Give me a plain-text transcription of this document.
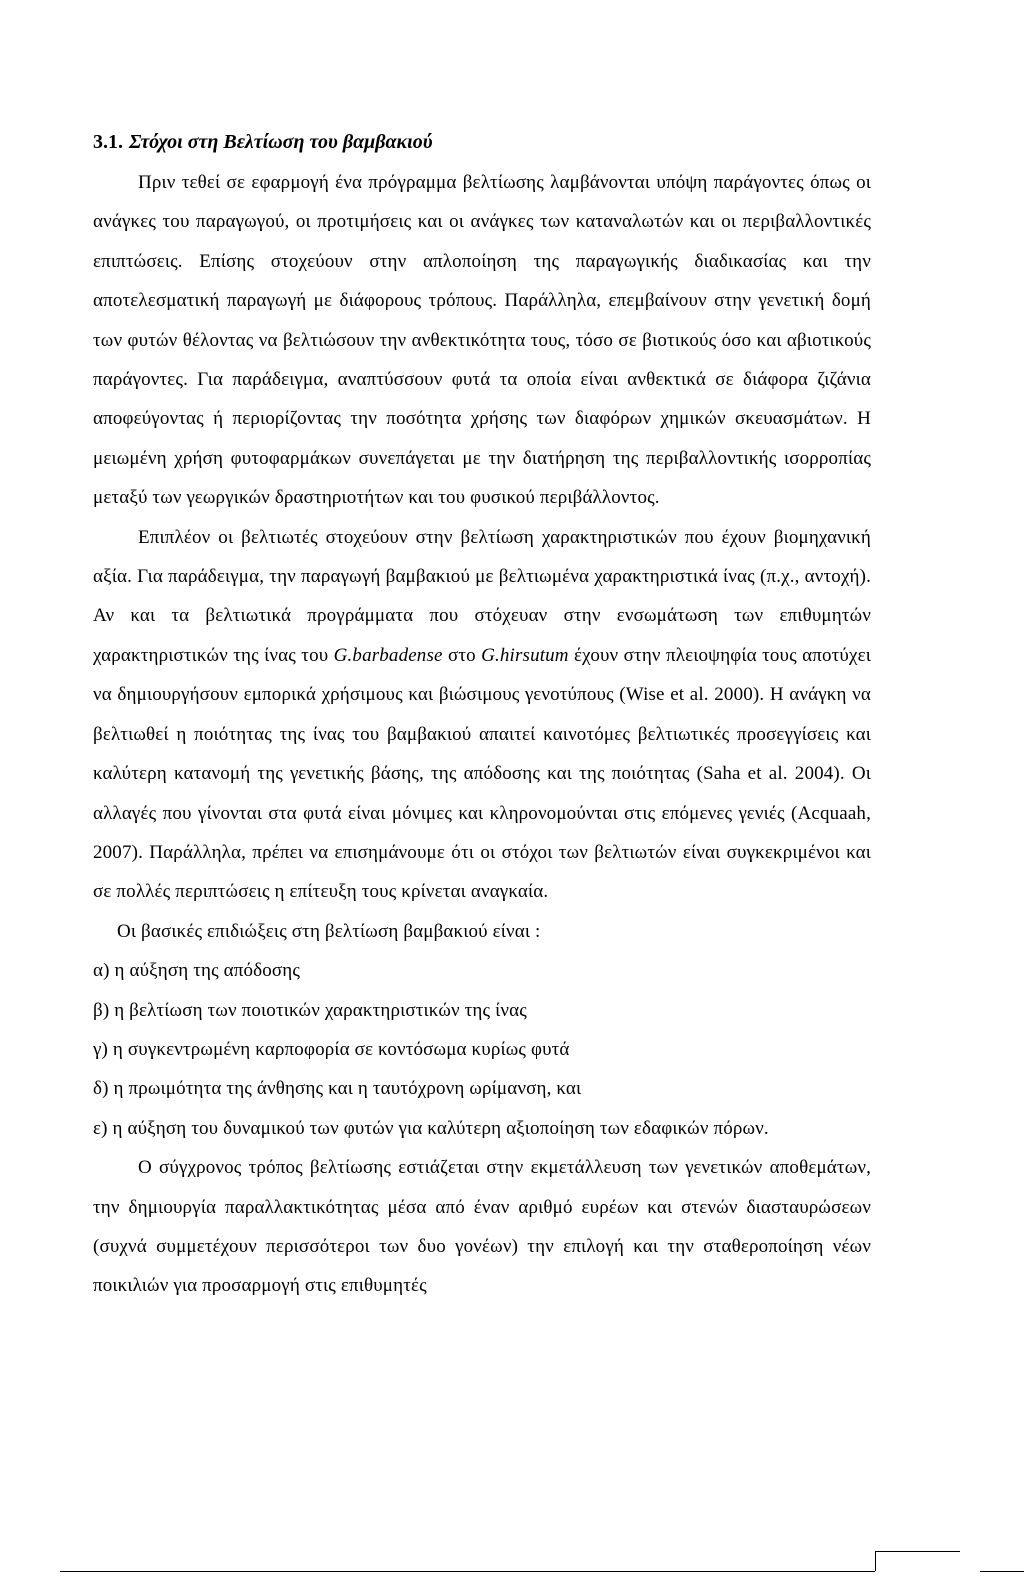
3.1. Στόχοι στη Βελτίωση του βαμβακιού

Πριν τεθεί σε εφαρμογή ένα πρόγραμμα βελτίωσης λαμβάνονται υπόψη παράγοντες όπως οι ανάγκες του παραγωγού, οι προτιμήσεις και οι ανάγκες των καταναλωτών και οι περιβαλλοντικές επιπτώσεις. Επίσης στοχεύουν στην απλοποίηση της παραγωγικής διαδικασίας και την αποτελεσματική παραγωγή με διάφορους τρόπους. Παράλληλα, επεμβαίνουν στην γενετική δομή των φυτών θέλοντας να βελτιώσουν την ανθεκτικότητα τους, τόσο σε βιοτικούς όσο και αβιοτικούς παράγοντες. Για παράδειγμα, αναπτύσσουν φυτά τα οποία είναι ανθεκτικά σε διάφορα ζιζάνια αποφεύγοντας ή περιορίζοντας την ποσότητα χρήσης των διαφόρων χημικών σκευασμάτων. Η μειωμένη χρήση φυτοφαρμάκων συνεπάγεται με την διατήρηση της περιβαλλοντικής ισορροπίας μεταξύ των γεωργικών δραστηριοτήτων και του φυσικού περιβάλλοντος.

Επιπλέον οι βελτιωτές στοχεύουν στην βελτίωση χαρακτηριστικών που έχουν βιομηχανική αξία. Για παράδειγμα, την παραγωγή βαμβακιού με βελτιωμένα χαρακτηριστικά ίνας (π.χ., αντοχή). Αν και τα βελτιωτικά προγράμματα που στόχευαν στην ενσωμάτωση των επιθυμητών χαρακτηριστικών της ίνας του G.barbadense στο G.hirsutum έχουν στην πλειοψηφία τους αποτύχει να δημιουργήσουν εμπορικά χρήσιμους και βιώσιμους γενοτύπους (Wise et al. 2000). Η ανάγκη να βελτιωθεί η ποιότητας της ίνας του βαμβακιού απαιτεί καινοτόμες βελτιωτικές προσεγγίσεις και καλύτερη κατανομή της γενετικής βάσης, της απόδοσης και της ποιότητας (Saha et al. 2004). Οι αλλαγές που γίνονται στα φυτά είναι μόνιμες και κληρονομούνται στις επόμενες γενιές (Acquaah, 2007). Παράλληλα, πρέπει να επισημάνουμε ότι οι στόχοι των βελτιωτών είναι συγκεκριμένοι και σε πολλές περιπτώσεις η επίτευξη τους κρίνεται αναγκαία.

Οι βασικές επιδιώξεις στη βελτίωση βαμβακιού είναι :

α) η αύξηση της απόδοσης
β) η βελτίωση των ποιοτικών χαρακτηριστικών της ίνας
γ) η συγκεντρωμένη καρποφορία σε κοντόσωμα κυρίως φυτά
δ) η πρωιμότητα της άνθησης και η ταυτόχρονη ωρίμανση, και
ε) η αύξηση του δυναμικού των φυτών για καλύτερη αξιοποίηση των εδαφικών πόρων.

Ο σύγχρονος τρόπος βελτίωσης εστιάζεται στην εκμετάλλευση των γενετικών αποθεμάτων, την δημιουργία παραλλακτικότητας μέσα από έναν αριθμό ευρέων και στενών διασταυρώσεων (συχνά συμμετέχουν περισσότεροι των δυο γονέων) την επιλογή και την σταθεροποίηση νέων ποικιλιών για προσαρμογή στις επιθυμητές
